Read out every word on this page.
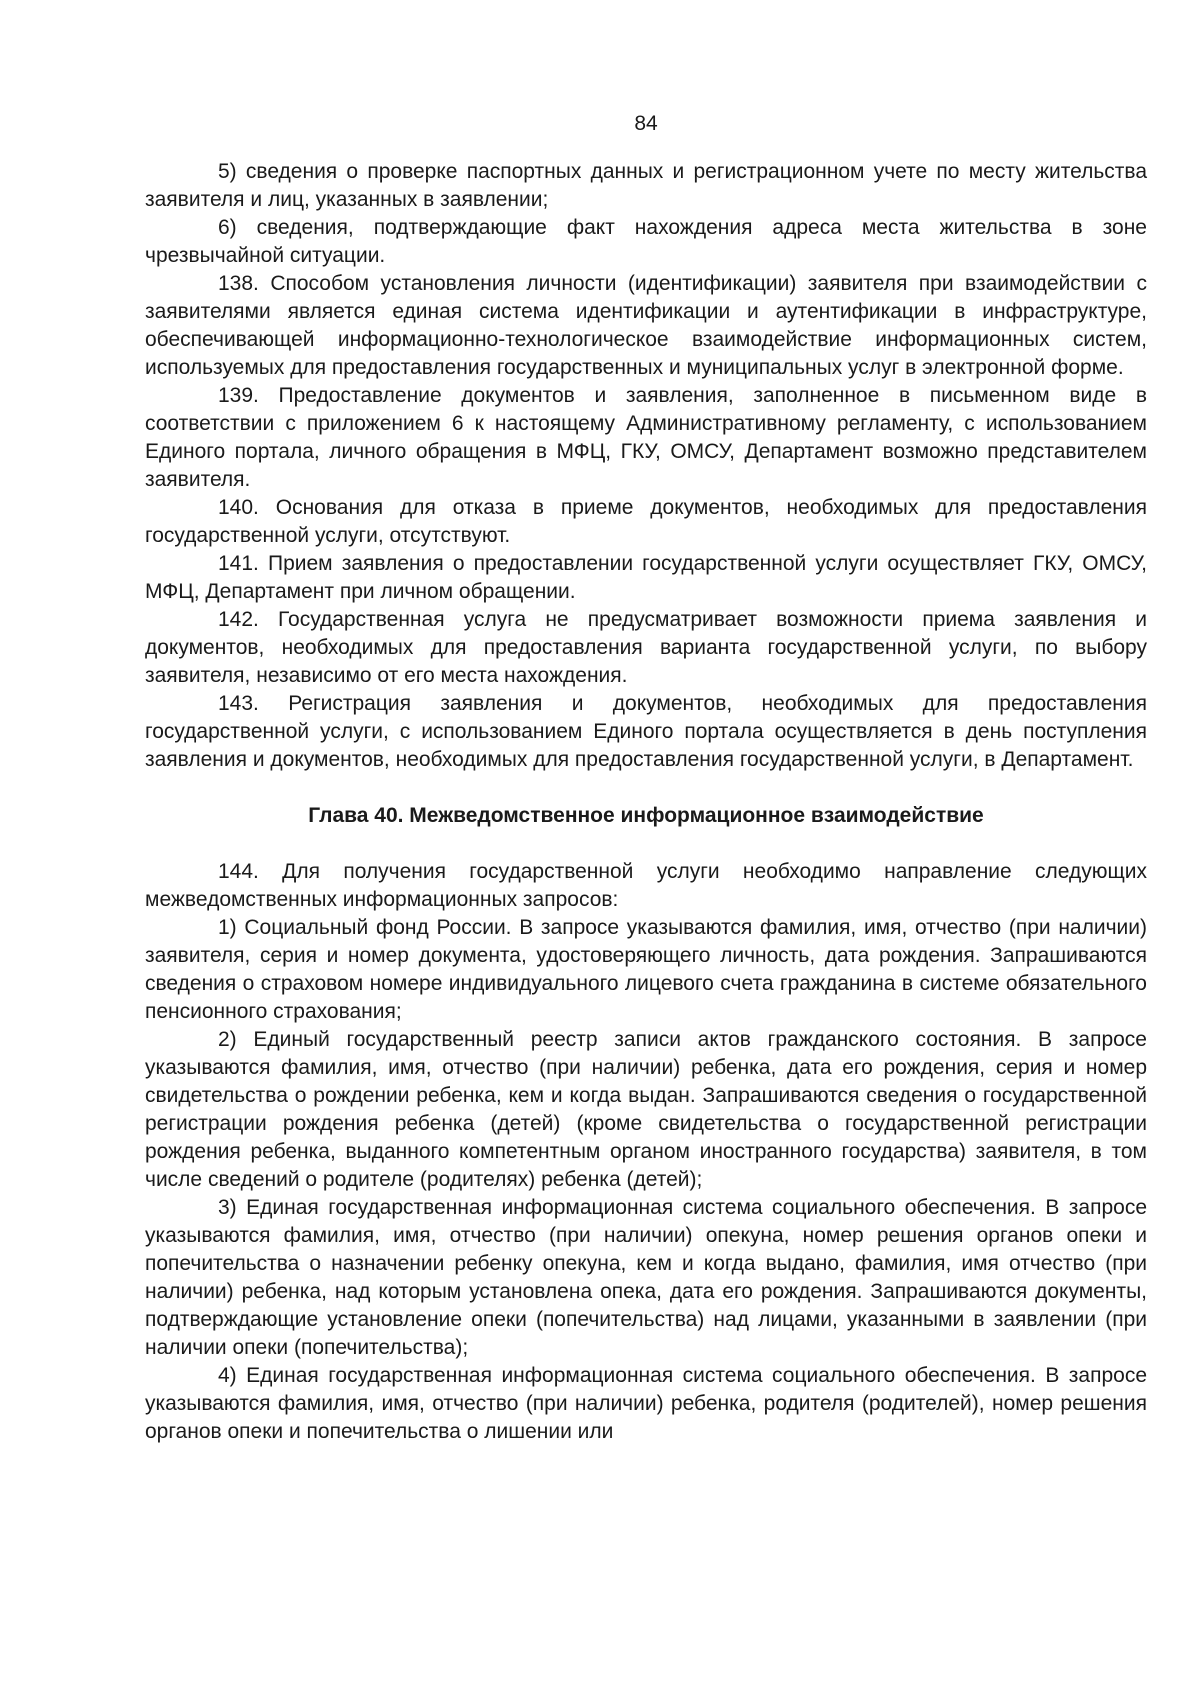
84

5) сведения о проверке паспортных данных и регистрационном учете по месту жительства заявителя и лиц, указанных в заявлении;

6) сведения, подтверждающие факт нахождения адреса места жительства в зоне чрезвычайной ситуации.

138. Способом установления личности (идентификации) заявителя при взаимодействии с заявителями является единая система идентификации и аутентификации в инфраструктуре, обеспечивающей информационно-технологическое взаимодействие информационных систем, используемых для предоставления государственных и муниципальных услуг в электронной форме.

139. Предоставление документов и заявления, заполненное в письменном виде в соответствии с приложением 6 к настоящему Административному регламенту, с использованием Единого портала, личного обращения в МФЦ, ГКУ, ОМСУ, Департамент возможно представителем заявителя.

140. Основания для отказа в приеме документов, необходимых для предоставления государственной услуги, отсутствуют.

141. Прием заявления о предоставлении государственной услуги осуществляет ГКУ, ОМСУ, МФЦ, Департамент при личном обращении.

142. Государственная услуга не предусматривает возможности приема заявления и документов, необходимых для предоставления варианта государственной услуги, по выбору заявителя, независимо от его места нахождения.

143. Регистрация заявления и документов, необходимых для предоставления государственной услуги, с использованием Единого портала осуществляется в день поступления заявления и документов, необходимых для предоставления государственной услуги, в Департамент.

Глава 40. Межведомственное информационное взаимодействие

144. Для получения государственной услуги необходимо направление следующих межведомственных информационных запросов:

1) Социальный фонд России. В запросе указываются фамилия, имя, отчество (при наличии) заявителя, серия и номер документа, удостоверяющего личность, дата рождения. Запрашиваются сведения о страховом номере индивидуального лицевого счета гражданина в системе обязательного пенсионного страхования;

2) Единый государственный реестр записи актов гражданского состояния. В запросе указываются фамилия, имя, отчество (при наличии) ребенка, дата его рождения, серия и номер свидетельства о рождении ребенка, кем и когда выдан. Запрашиваются сведения о государственной регистрации рождения ребенка (детей) (кроме свидетельства о государственной регистрации рождения ребенка, выданного компетентным органом иностранного государства) заявителя, в том числе сведений о родителе (родителях) ребенка (детей);

3) Единая государственная информационная система социального обеспечения. В запросе указываются фамилия, имя, отчество (при наличии) опекуна, номер решения органов опеки и попечительства о назначении ребенку опекуна, кем и когда выдано, фамилия, имя отчество (при наличии) ребенка, над которым установлена опека, дата его рождения. Запрашиваются документы, подтверждающие установление опеки (попечительства) над лицами, указанными в заявлении (при наличии опеки (попечительства);

4) Единая государственная информационная система социального обеспечения. В запросе указываются фамилия, имя, отчество (при наличии) ребенка, родителя (родителей), номер решения органов опеки и попечительства о лишении или
